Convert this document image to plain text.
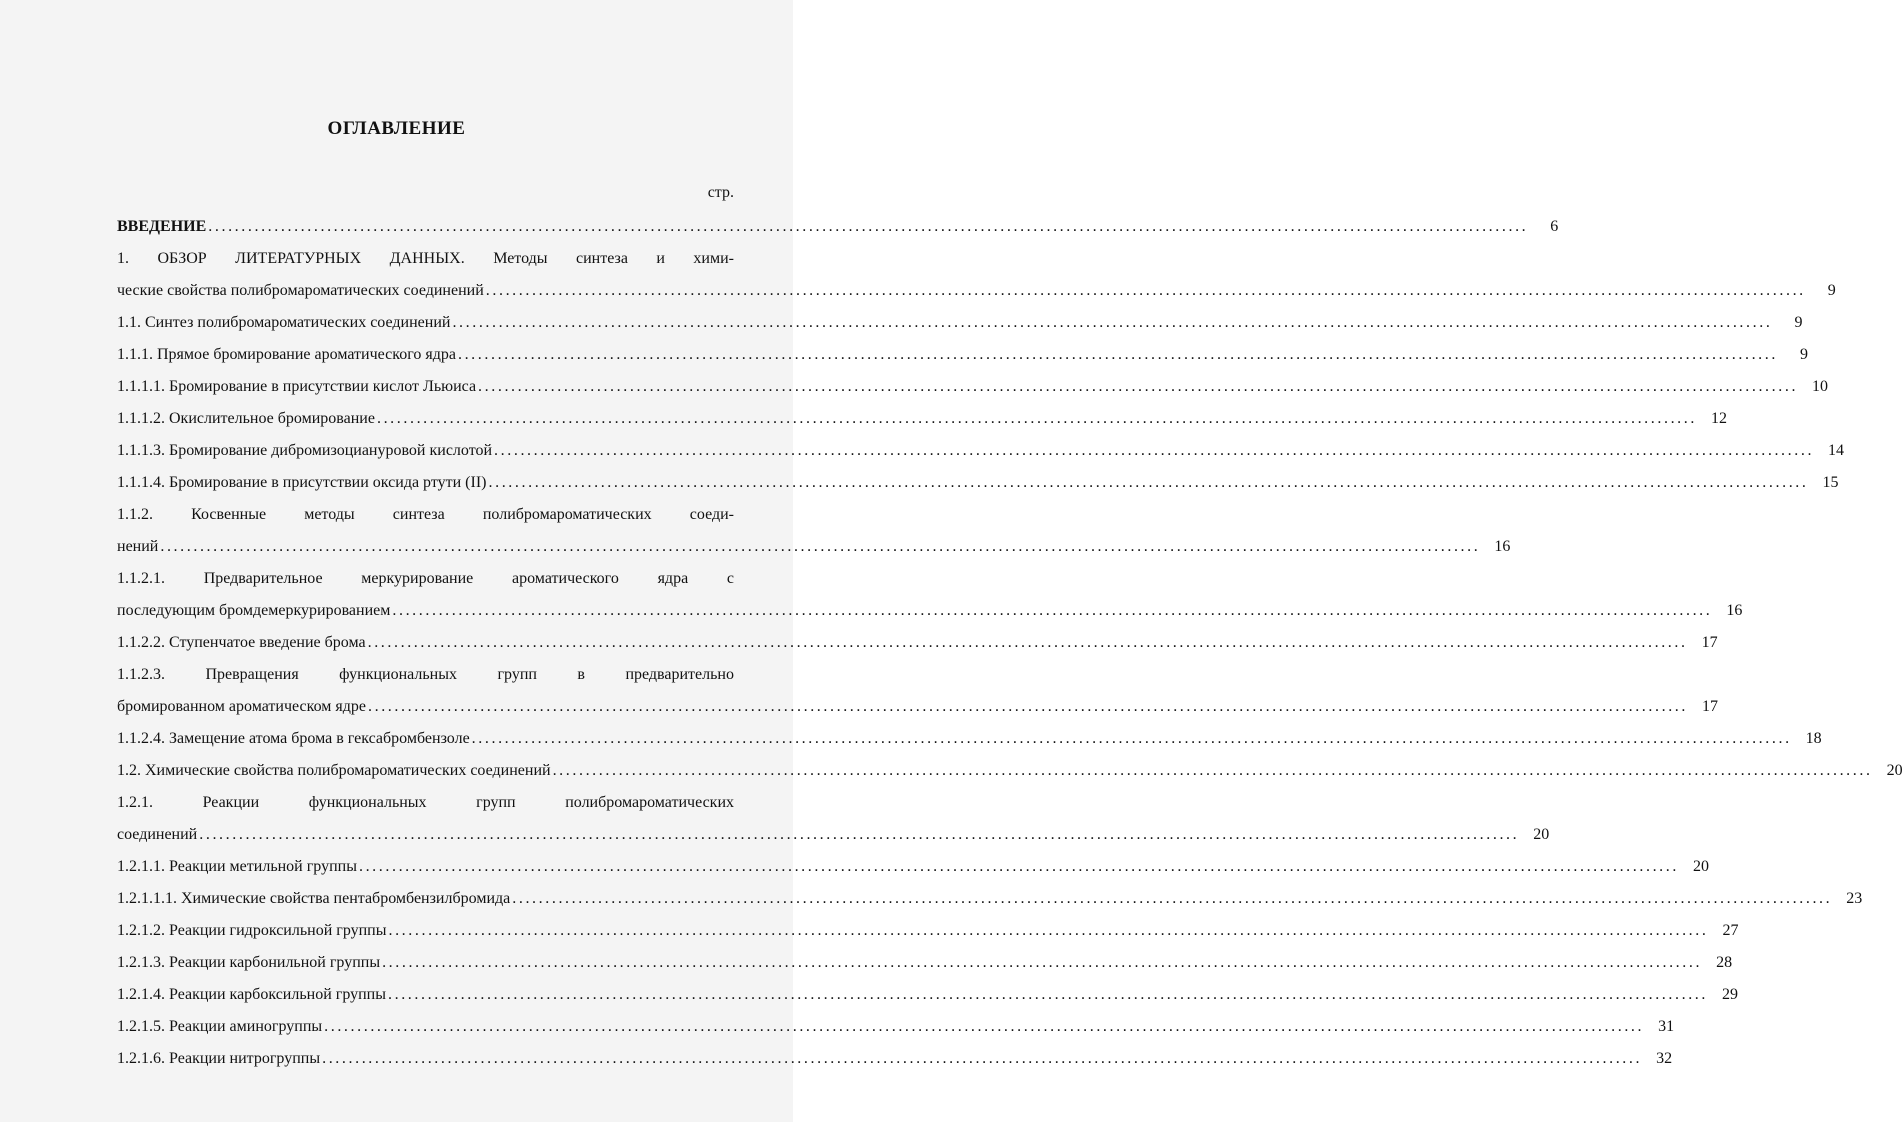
ОГЛАВЛЕНИЕ
стр.
ВВЕДЕНИЕ ........................................................................................................................................................................................................	6
1. ОБЗОР ЛИТЕРАТУРНЫХ ДАННЫХ. Методы синтеза и хими-
ческие свойства полибромароматических соединений ........................................................................................................................................................................................................	9
1.1. Синтез полибромароматических соединений ........................................................................................................................................................................................................	9
1.1.1. Прямое бромирование ароматического ядра ........................................................................................................................................................................................................	9
1.1.1.1. Бромирование в присутствии кислот Льюиса ........................................................................................................................................................................................................ 10
1.1.1.2. Окислительное бромирование ........................................................................................................................................................................................................ 12
1.1.1.3. Бромирование дибромизоциануровой кислотой ........................................................................................................................................................................................................ 14
1.1.1.4. Бромирование в присутствии оксида ртути (II) ........................................................................................................................................................................................................ 15
1.1.2. Косвенные методы синтеза полибромароматических соеди-
нений ........................................................................................................................................................................................................ 16
1.1.2.1. Предварительное меркурирование ароматического ядра с
последующим бромдемеркурированием ........................................................................................................................................................................................................ 16
1.1.2.2. Ступенчатое введение брома ........................................................................................................................................................................................................ 17
1.1.2.3. Превращения функциональных групп в предварительно
бромированном ароматическом ядре ........................................................................................................................................................................................................ 17
1.1.2.4. Замещение атома брома в гексабромбензоле ........................................................................................................................................................................................................ 18
1.2. Химические свойства полибромароматических соединений ........................................................................................................................................................................................................ 20
1.2.1. Реакции функциональных групп полибромароматических
соединений ........................................................................................................................................................................................................ 20
1.2.1.1. Реакции метильной группы ........................................................................................................................................................................................................ 20
1.2.1.1.1. Химические свойства пентабромбензилбромида ........................................................................................................................................................................................................ 23
1.2.1.2. Реакции гидроксильной группы ........................................................................................................................................................................................................ 27
1.2.1.3. Реакции карбонильной группы ........................................................................................................................................................................................................ 28
1.2.1.4. Реакции карбоксильной группы ........................................................................................................................................................................................................ 29
1.2.1.5. Реакции аминогруппы ........................................................................................................................................................................................................ 31
1.2.1.6. Реакции нитрогруппы ........................................................................................................................................................................................................ 32
